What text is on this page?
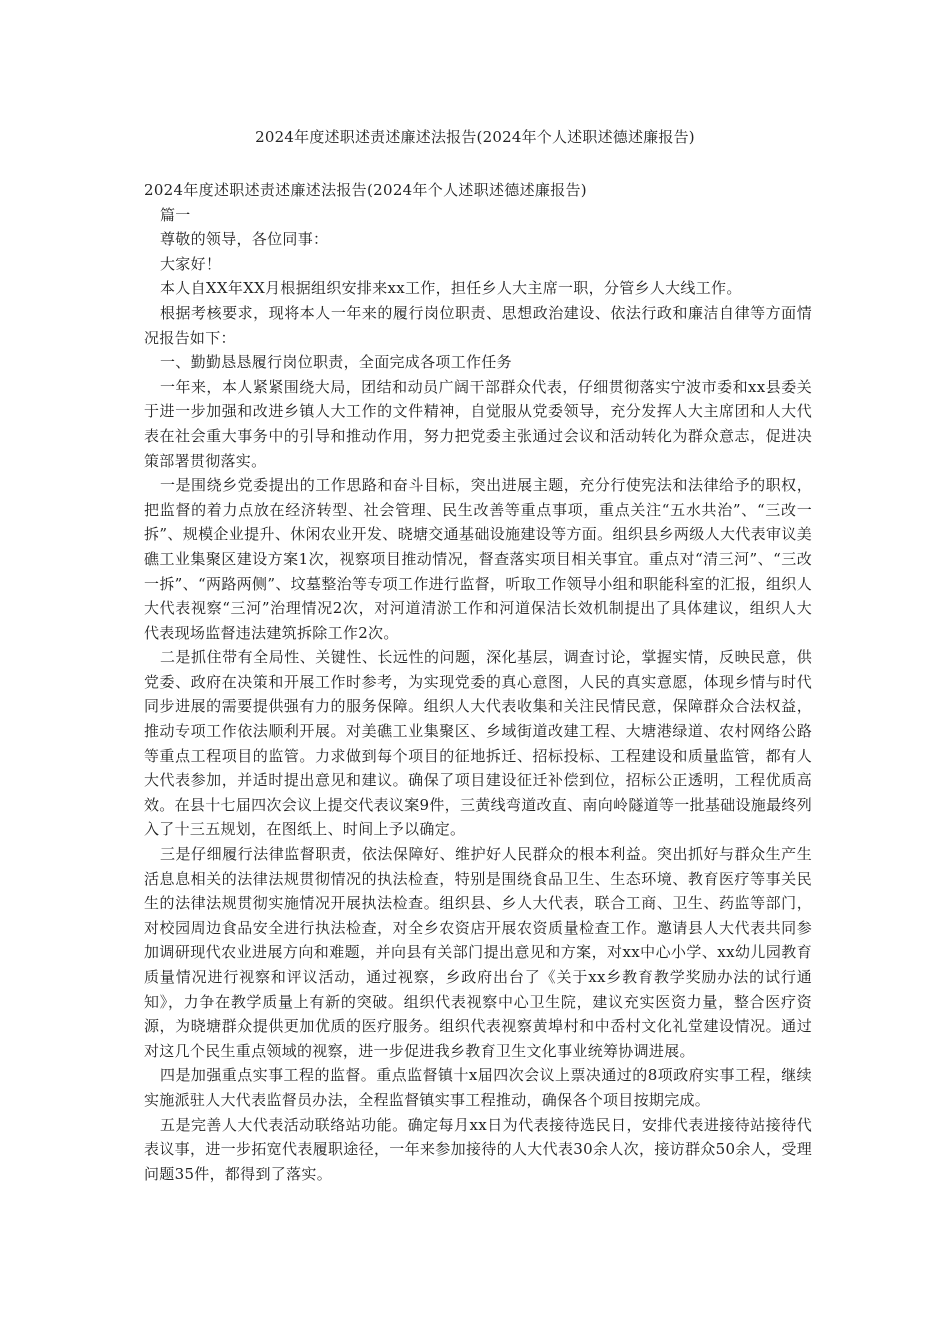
2024年度述职述责述廉述法报告(2024年个人述职述德述廉报告)

2024年度述职述责述廉述法报告(2024年个人述职述德述廉报告)

篇一

尊敬的领导，各位同事：

大家好！

本人自XX年XX月根据组织安排来xx工作，担任乡人大主席一职，分管乡人大线工作。

根据考核要求，现将本人一年来的履行岗位职责、思想政治建设、依法行政和廉洁自律等方面情况报告如下：

一、勤勤恳恳履行岗位职责，全面完成各项工作任务

一年来，本人紧紧围绕大局，团结和动员广阔干部群众代表，仔细贯彻落实宁波市委和xx县委关于进一步加强和改进乡镇人大工作的文件精神，自觉服从党委领导，充分发挥人大主席团和人大代表在社会重大事务中的引导和推动作用，努力把党委主张通过会议和活动转化为群众意志，促进决策部署贯彻落实。

一是围绕乡党委提出的工作思路和奋斗目标，突出进展主题，充分行使宪法和法律给予的职权，把监督的着力点放在经济转型、社会管理、民生改善等重点事项，重点关注“五水共治”、“三改一拆”、规模企业提升、休闲农业开发、晓塘交通基础设施建设等方面。组织县乡两级人大代表审议美礁工业集聚区建设方案1次，视察项目推动情况，督查落实项目相关事宜。重点对“清三河”、“三改一拆”、“两路两侧”、坟墓整治等专项工作进行监督，听取工作领导小组和职能科室的汇报，组织人大代表视察“三河”治理情况2次，对河道清淤工作和河道保洁长效机制提出了具体建议，组织人大代表现场监督违法建筑拆除工作2次。

二是抓住带有全局性、关键性、长远性的问题，深化基层，调查讨论，掌握实情，反映民意，供党委、政府在决策和开展工作时参考，为实现党委的真心意图，人民的真实意愿，体现乡情与时代同步进展的需要提供强有力的服务保障。组织人大代表收集和关注民情民意，保障群众合法权益，推动专项工作依法顺利开展。对美礁工业集聚区、乡域街道改建工程、大塘港绿道、农村网络公路等重点工程项目的监管。力求做到每个项目的征地拆迁、招标投标、工程建设和质量监管，都有人大代表参加，并适时提出意见和建议。确保了项目建设征迁补偿到位，招标公正透明，工程优质高效。在县十七届四次会议上提交代表议案9件，三黄线弯道改直、南向岭隧道等一批基础设施最终列入了十三五规划，在图纸上、时间上予以确定。

三是仔细履行法律监督职责，依法保障好、维护好人民群众的根本利益。突出抓好与群众生产生活息息相关的法律法规贯彻情况的执法检查，特别是围绕食品卫生、生态环境、教育医疗等事关民生的法律法规贯彻实施情况开展执法检查。组织县、乡人大代表，联合工商、卫生、药监等部门，对校园周边食品安全进行执法检查，对全乡农资店开展农资质量检查工作。邀请县人大代表共同参加调研现代农业进展方向和难题，并向县有关部门提出意见和方案，对xx中心小学、xx幼儿园教育质量情况进行视察和评议活动，通过视察，乡政府出台了《关于xx乡教育教学奖励办法的试行通知》，力争在教学质量上有新的突破。组织代表视察中心卫生院，建议充实医资力量，整合医疗资源，为晓塘群众提供更加优质的医疗服务。组织代表视察黄埠村和中岙村文化礼堂建设情况。通过对这几个民生重点领域的视察，进一步促进我乡教育卫生文化事业统筹协调进展。

四是加强重点实事工程的监督。重点监督镇十x届四次会议上票决通过的8项政府实事工程，继续实施派驻人大代表监督员办法，全程监督镇实事工程推动，确保各个项目按期完成。

五是完善人大代表活动联络站功能。确定每月xx日为代表接待选民日，安排代表进接待站接待代表议事，进一步拓宽代表履职途径，一年来参加接待的人大代表30余人次，接访群众50余人，受理问题35件，都得到了落实。
